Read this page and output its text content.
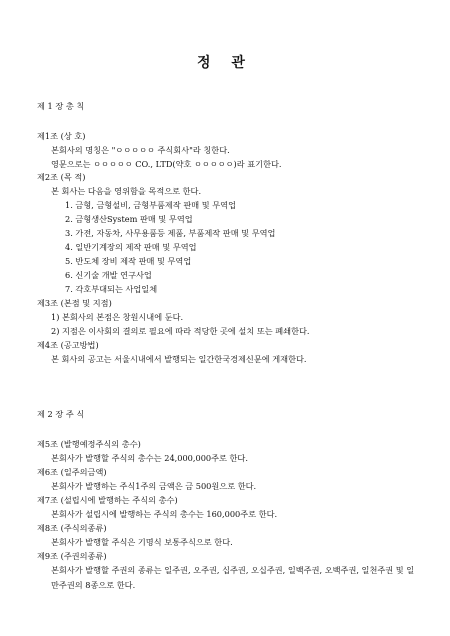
정 관
제 1 장 총 칙
제1조 (상 호)
본회사의 명칭은 "ㅇㅇㅇㅇㅇ 주식회사"라 칭한다.
영문으로는 ㅇㅇㅇㅇㅇ CO., LTD(약호 ㅇㅇㅇㅇㅇ)라 표기한다.
제2조 (목 적)
본 회사는 다음을 영위함을 목적으로 한다.
1. 금형, 금형설비, 금형부품제작 판매 및 무역업
2. 금형생산System 판매 및 무역업
3. 가전, 자동차, 사무용품등 제품, 부품제작 판매 및 무역업
4. 일반기계장의 제작 판매 및 무역업
5. 반도체 장비 제작 판매 및 무역업
6. 신기술 개발 연구사업
7. 각호부대되는 사업일체
제3조 (본점 및 지점)
1) 본회사의 본점은 창원시내에 둔다.
2) 지점은 이사회의 결의로 필요에 따라 적당한 곳에 설치 또는 폐쇄한다.
제4조 (공고방법)
본 회사의 공고는 서울시내에서 발행되는 일간한국경제신문에 게재한다.
제 2 장 주 식
제5조 (발행예정주식의 총수)
본회사가 발행할 주식의 총수는 24,000,000주로 한다.
제6조 (일주의금액)
본회사가 발행하는 주식1주의 금액은 금 500원으로 한다.
제7조 (설립시에 발행하는 주식의 총수)
본회사가 설립시에 발행하는 주식의 총수는 160,000주로 한다.
제8조 (주식의종류)
본회사가 발행할 주식은 기명식 보통주식으로 한다.
제9조 (주권의종류)
본회사가 발행할 주권의 종류는 일주권, 오주권, 십주권, 오십주권, 일백주권, 오백주권, 일천주권 및 일만주권의 8종으로 한다.
